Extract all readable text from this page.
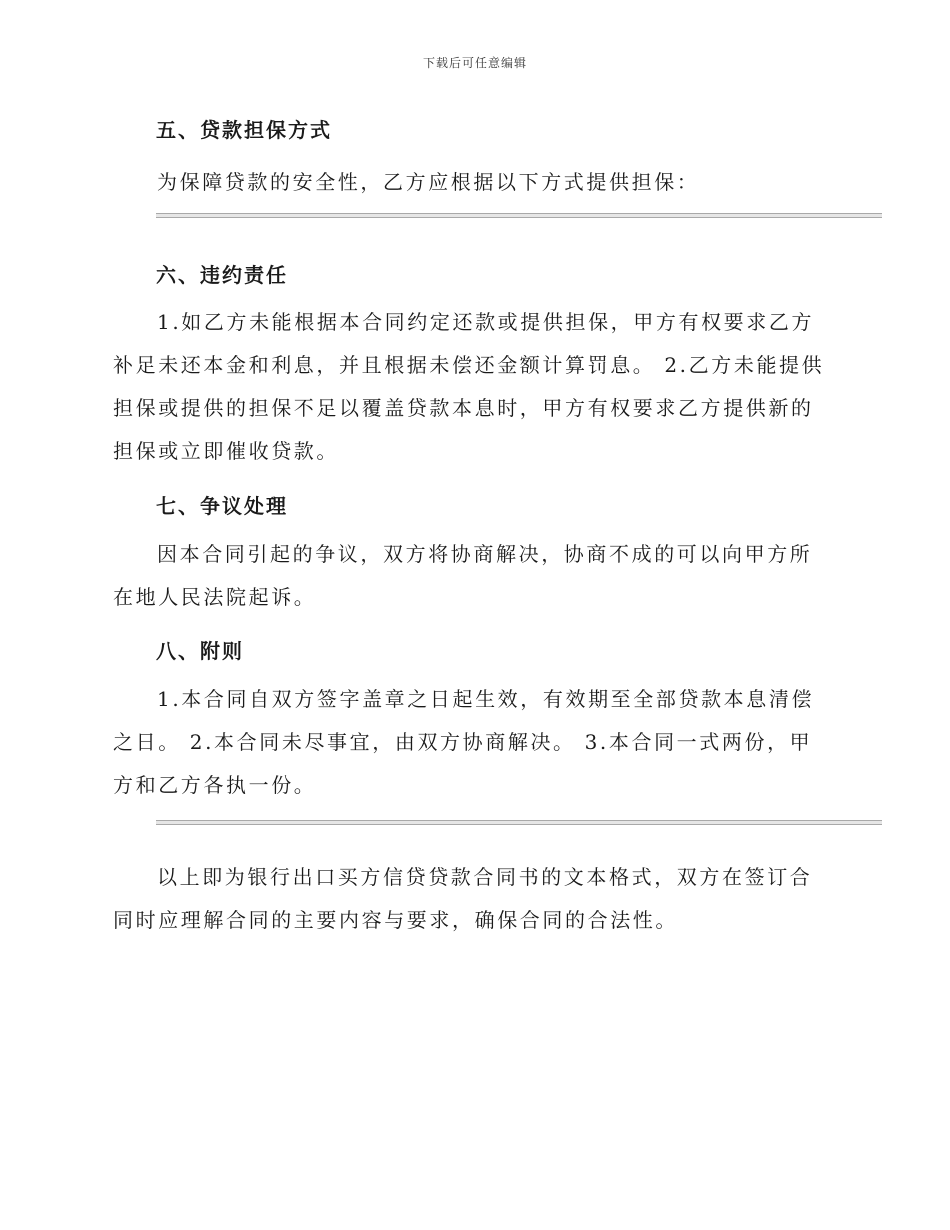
下载后可任意编辑
五、贷款担保方式

为保障贷款的安全性，乙方应根据以下方式提供担保：

六、违约责任

1.如乙方未能根据本合同约定还款或提供担保，甲方有权要求乙方补足未还本金和利息，并且根据未偿还金额计算罚息。 2.乙方未能提供担保或提供的担保不足以覆盖贷款本息时，甲方有权要求乙方提供新的担保或立即催收贷款。

七、争议处理

因本合同引起的争议，双方将协商解决，协商不成的可以向甲方所在地人民法院起诉。

八、附则

1.本合同自双方签字盖章之日起生效，有效期至全部贷款本息清偿之日。 2.本合同未尽事宜，由双方协商解决。 3.本合同一式两份，甲方和乙方各执一份。

以上即为银行出口买方信贷贷款合同书的文本格式，双方在签订合同时应理解合同的主要内容与要求，确保合同的合法性。
